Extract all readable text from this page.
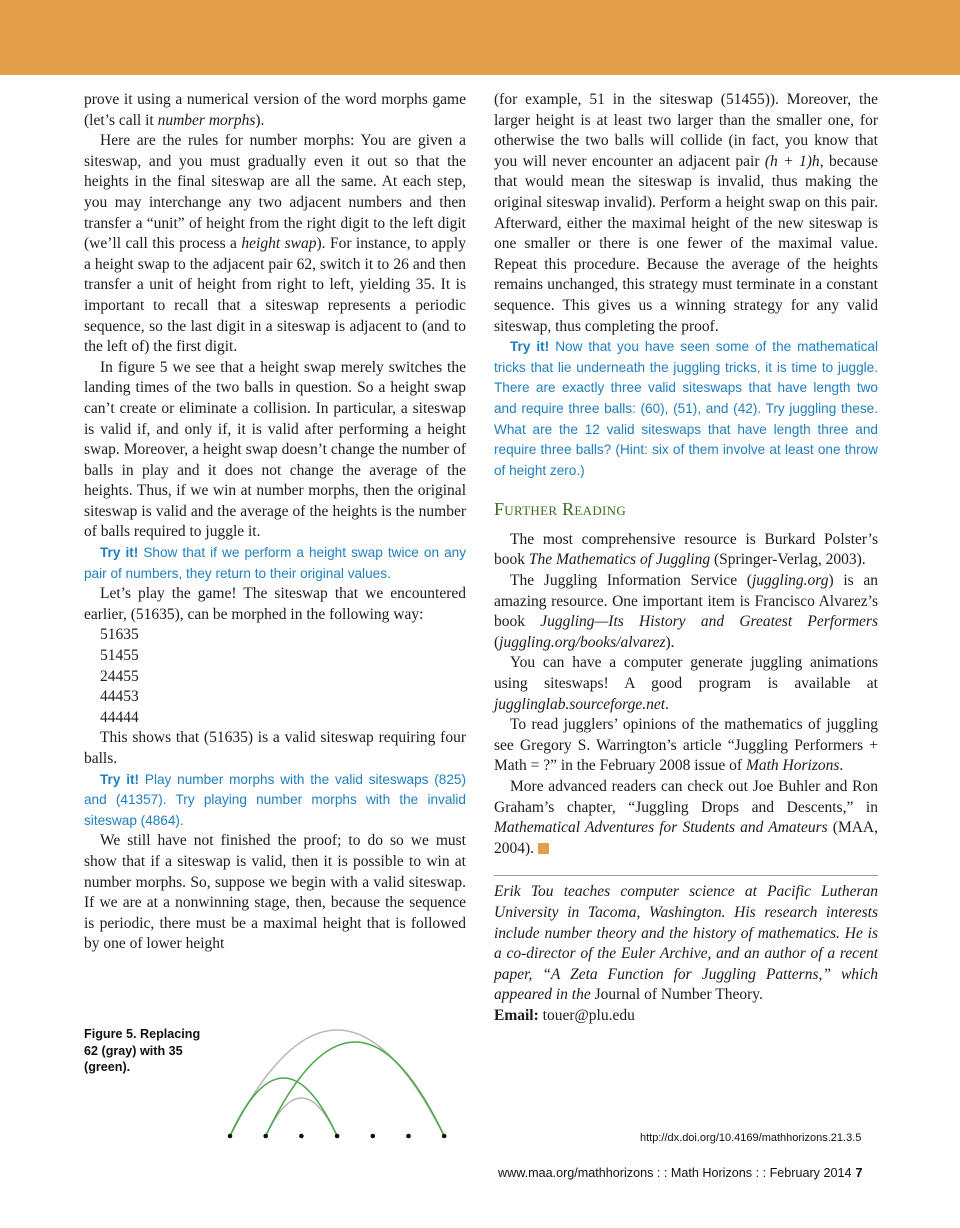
prove it using a numerical version of the word morphs game (let’s call it number morphs).

Here are the rules for number morphs: You are given a siteswap, and you must gradually even it out so that the heights in the final siteswap are all the same. At each step, you may interchange any two adjacent numbers and then transfer a “unit” of height from the right digit to the left digit (we’ll call this process a height swap). For instance, to apply a height swap to the adjacent pair 62, switch it to 26 and then transfer a unit of height from right to left, yielding 35. It is important to recall that a siteswap represents a periodic sequence, so the last digit in a siteswap is adjacent to (and to the left of) the first digit.

In figure 5 we see that a height swap merely switches the landing times of the two balls in question. So a height swap can’t create or eliminate a collision. In particular, a siteswap is valid if, and only if, it is valid after performing a height swap. Moreover, a height swap doesn’t change the number of balls in play and it does not change the average of the heights. Thus, if we win at number morphs, then the original siteswap is valid and the average of the heights is the number of balls required to juggle it.

Try it! Show that if we perform a height swap twice on any pair of numbers, they return to their original values.

Let’s play the game! The siteswap that we encountered earlier, (51635), can be morphed in the following way:

51635
51455
24455
44453
44444

This shows that (51635) is a valid siteswap requiring four balls.

Try it! Play number morphs with the valid siteswaps (825) and (41357). Try playing number morphs with the invalid siteswap (4864).

We still have not finished the proof; to do so we must show that if a siteswap is valid, then it is possible to win at number morphs. So, suppose we begin with a valid siteswap. If we are at a nonwinning stage, then, because the sequence is periodic, there must be a maximal height that is followed by one of lower height

(for example, 51 in the siteswap (51455)). Moreover, the larger height is at least two larger than the smaller one, for otherwise the two balls will collide (in fact, you know that you will never encounter an adjacent pair (h + 1)h, because that would mean the siteswap is invalid, thus making the original siteswap invalid). Perform a height swap on this pair. Afterward, either the maximal height of the new siteswap is one smaller or there is one fewer of the maximal value. Repeat this procedure. Because the average of the heights remains unchanged, this strategy must terminate in a constant sequence. This gives us a winning strategy for any valid siteswap, thus completing the proof.

Try it! Now that you have seen some of the mathematical tricks that lie underneath the juggling tricks, it is time to juggle. There are exactly three valid siteswaps that have length two and require three balls: (60), (51), and (42). Try juggling these. What are the 12 valid siteswaps that have length three and require three balls? (Hint: six of them involve at least one throw of height zero.)

Further Reading

The most comprehensive resource is Burkard Polster’s book The Mathematics of Juggling (Springer-Verlag, 2003).

The Juggling Information Service (juggling.org) is an amazing resource. One important item is Francisco Alvarez’s book Juggling—Its History and Greatest Performers (juggling.org/books/alvarez).

You can have a computer generate juggling animations using siteswaps! A good program is available at jugglinglab.sourceforge.net.

To read jugglers’ opinions of the mathematics of juggling see Gregory S. Warrington’s article “Juggling Performers + Math = ?” in the February 2008 issue of Math Horizons.

More advanced readers can check out Joe Buhler and Ron Graham’s chapter, “Juggling Drops and Descents,” in Mathematical Adventures for Students and Amateurs (MAA, 2004).

Erik Tou teaches computer science at Pacific Lutheran University in Tacoma, Washington. His research interests include number theory and the history of mathematics. He is a co-director of the Euler Archive, and an author of a recent paper, “A Zeta Function for Juggling Patterns,” which appeared in the Journal of Number Theory.

Email: touer@plu.edu

Figure 5. Replacing 62 (gray) with 35 (green).
http://dx.doi.org/10.4169/mathhorizons.21.3.5
www.maa.org/mathhorizons : : Math Horizons : : February 2014 7
